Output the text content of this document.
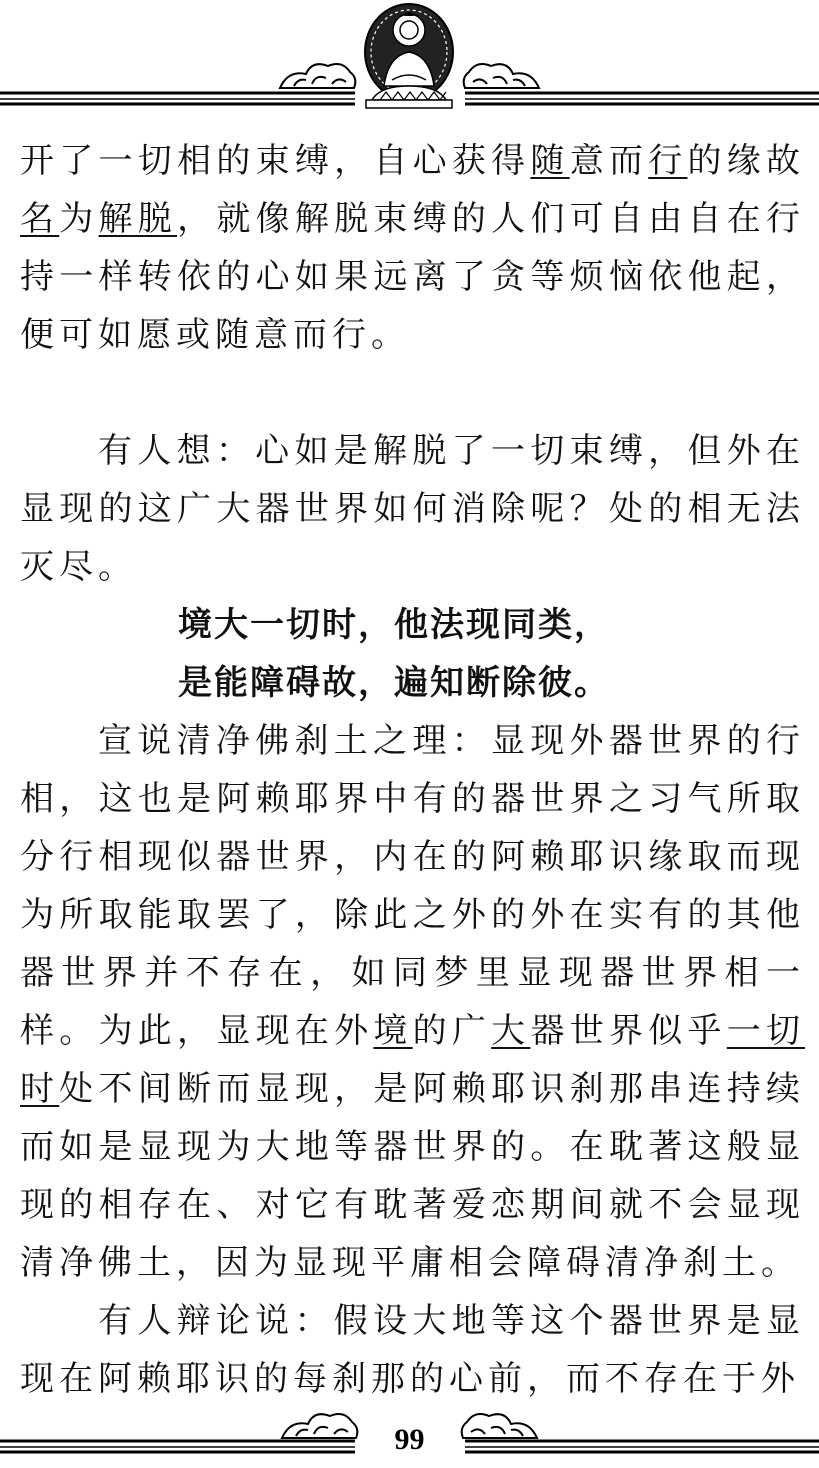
开了一切相的束缚，自心获得随意而行的缘故名为解脱，就像解脱束缚的人们可自由自在行持一样转依的心如果远离了贪等烦恼依他起，便可如愿或随意而行。

有人想：心如是解脱了一切束缚，但外在显现的这广大器世界如何消除呢？处的相无法灭尽。

境大一切时，他法现同类，

是能障碍故，遍知断除彼。

宣说清净佛刹土之理：显现外器世界的行相，这也是阿赖耶界中有的器世界之习气所取分行相现似器世界，内在的阿赖耶识缘取而现为所取能取罢了，除此之外的外在实有的其他器世界并不存在，如同梦里显现器世界相一样。为此，显现在外境的广大器世界似乎一切时处不间断而显现，是阿赖耶识刹那串连持续而如是显现为大地等器世界的。在耽著这般显现的相存在、对它有耽著爱恋期间就不会显现清净佛土，因为显现平庸相会障碍清净刹土。

有人辩论说：假设大地等这个器世界是显现在阿赖耶识的每刹那的心前，而不存在于外

99
